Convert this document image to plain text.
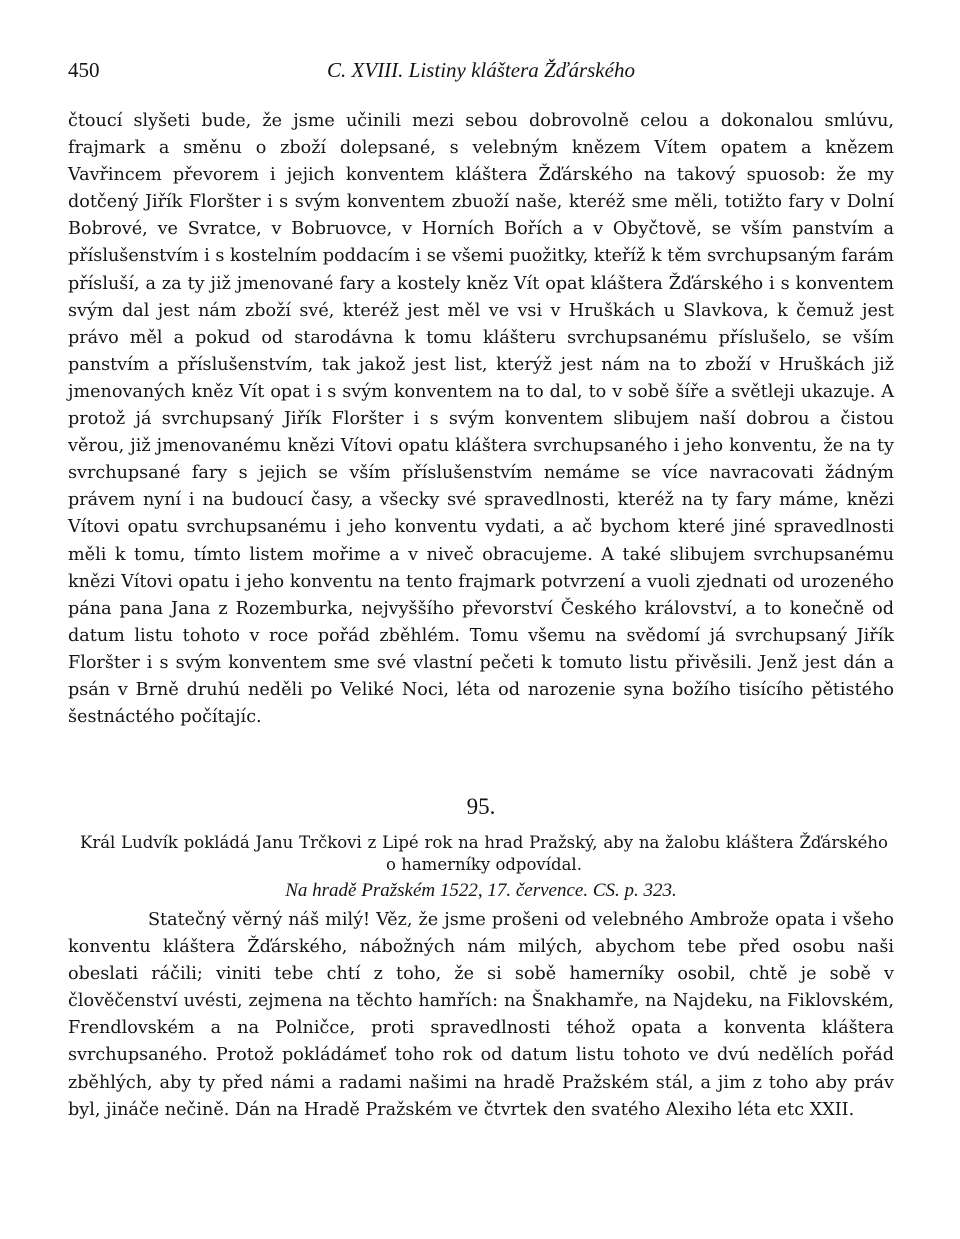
450	C. XVIII. Listiny kláštera Žďárského

čtoucí slyšeti bude, že jsme učinili mezi sebou dobrovolně celou a dokonalou smlúvu, frajmark a směnu o zboží dolepsané, s velebným knězem Vítem opatem a knězem Vavřincem převorem i jejich konventem kláštera Žďárského na takový spuosob: že my dotčený Jiřík Floršter i s svým konventem zbuoží naše, kteréž sme měli, totižto fary v Dolní Bobrové, ve Svratce, v Bobruovce, v Horních Bořích a v Obyčtově, se vším panstvím a příslušenstvím i s kostelním poddacím i se všemi puožitky, kteříž k těm svrchupsaným farám přísluší, a za ty již jmenované fary a kostely kněz Vít opat kláštera Žďárského i s konventem svým dal jest nám zboží své, kteréž jest měl ve vsi v Hruškách u Slavkova, k čemuž jest právo měl a pokud od starodávna k tomu klášteru svrchupsanému příslušelo, se vším panstvím a příslušenstvím, tak jakož jest list, kterýž jest nám na to zboží v Hruškách již jmenovaných kněz Vít opat i s svým konventem na to dal, to v sobě šíře a světleji ukazuje. A protož já svrchupsaný Jiřík Floršter i s svým konventem slibujem naší dobrou a čistou věrou, již jmenovanému knězi Vítovi opatu kláštera svrchupsaného i jeho konventu, že na ty svrchupsané fary s jejich se vším příslušenstvím nemáme se více navracovati žádným právem nyní i na budoucí časy, a všecky své spravedlnosti, kteréž na ty fary máme, knězi Vítovi opatu svrchupsanému i jeho konventu vydati, a ač bychom které jiné spravedlnosti měli k tomu, tímto listem mořime a v niveč obracujeme. A také slibujem svrchupsanému knězi Vítovi opatu i jeho konventu na tento frajmark potvrzení a vuoli zjednati od urozeného pána pana Jana z Rozemburka, nejvyššího převorství Českého království, a to konečně od datum listu tohoto v roce pořád zběhlém. Tomu všemu na svědomí já svrchupsaný Jiřík Floršter i s svým konventem sme své vlastní pečeti k tomuto listu přivěsili. Jenž jest dán a psán v Brně druhú neděli po Veliké Noci, léta od narozenie syna božího tisícího pětistého šestnáctého počítajíc.

95.

Král Ludvík pokládá Janu Trčkovi z Lipé rok na hrad Pražský, aby na žalobu kláštera Žďárského o hamerníky odpovídal.

Na hradě Pražském 1522, 17. července. CS. p. 323.

Statečný věrný náš milý! Věz, že jsme prošeni od velebného Ambrože opata i všeho konventu kláštera Žďárského, nábožných nám milých, abychom tebe před osobu naši obeslati ráčili; viniti tebe chtí z toho, že si sobě hamerníky osobil, chtě je sobě v člověčenství uvésti, zejmena na těchto hamřích: na Šnakhamře, na Najdeku, na Fiklovském, Frendlovském a na Polničce, proti spravedlnosti téhož opata a konventa kláštera svrchupsaného. Protož pokládámeť toho rok od datum listu tohoto ve dvú nedělích pořád zběhlých, aby ty před námi a radami našimi na hradě Pražském stál, a jim z toho aby práv byl, jináče nečině. Dán na Hradě Pražském ve čtvrtek den svatého Alexiho léta etc XXII.
